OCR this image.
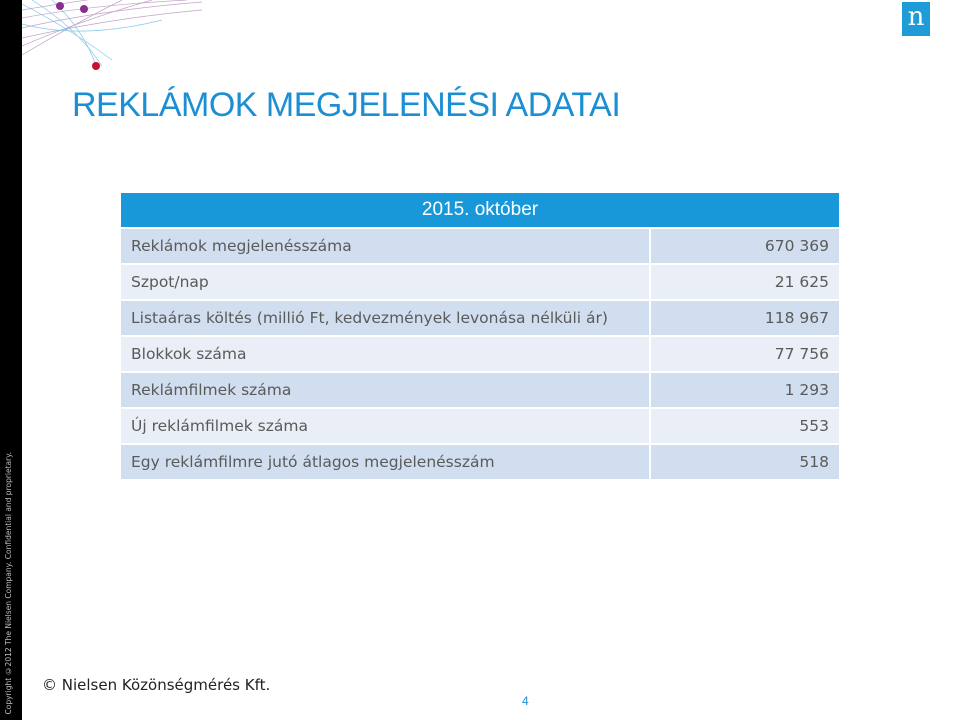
Copyright ©2012 The Nielsen Company. Confidential and proprietary.
n
REKLÁMOK MEGJELENÉSI ADATAI
2015. október	
Reklámok megjelenésszáma	670 369
Szpot/nap	21 625
Listaáras költés (millió Ft, kedvezmények levonása nélküli ár)	118 967
Blokkok száma	77 756
Reklámfilmek száma	1 293
Új reklámfilmek száma	553
Egy reklámfilmre jutó átlagos megjelenésszám	518
© Nielsen Közönségmérés Kft.
4
